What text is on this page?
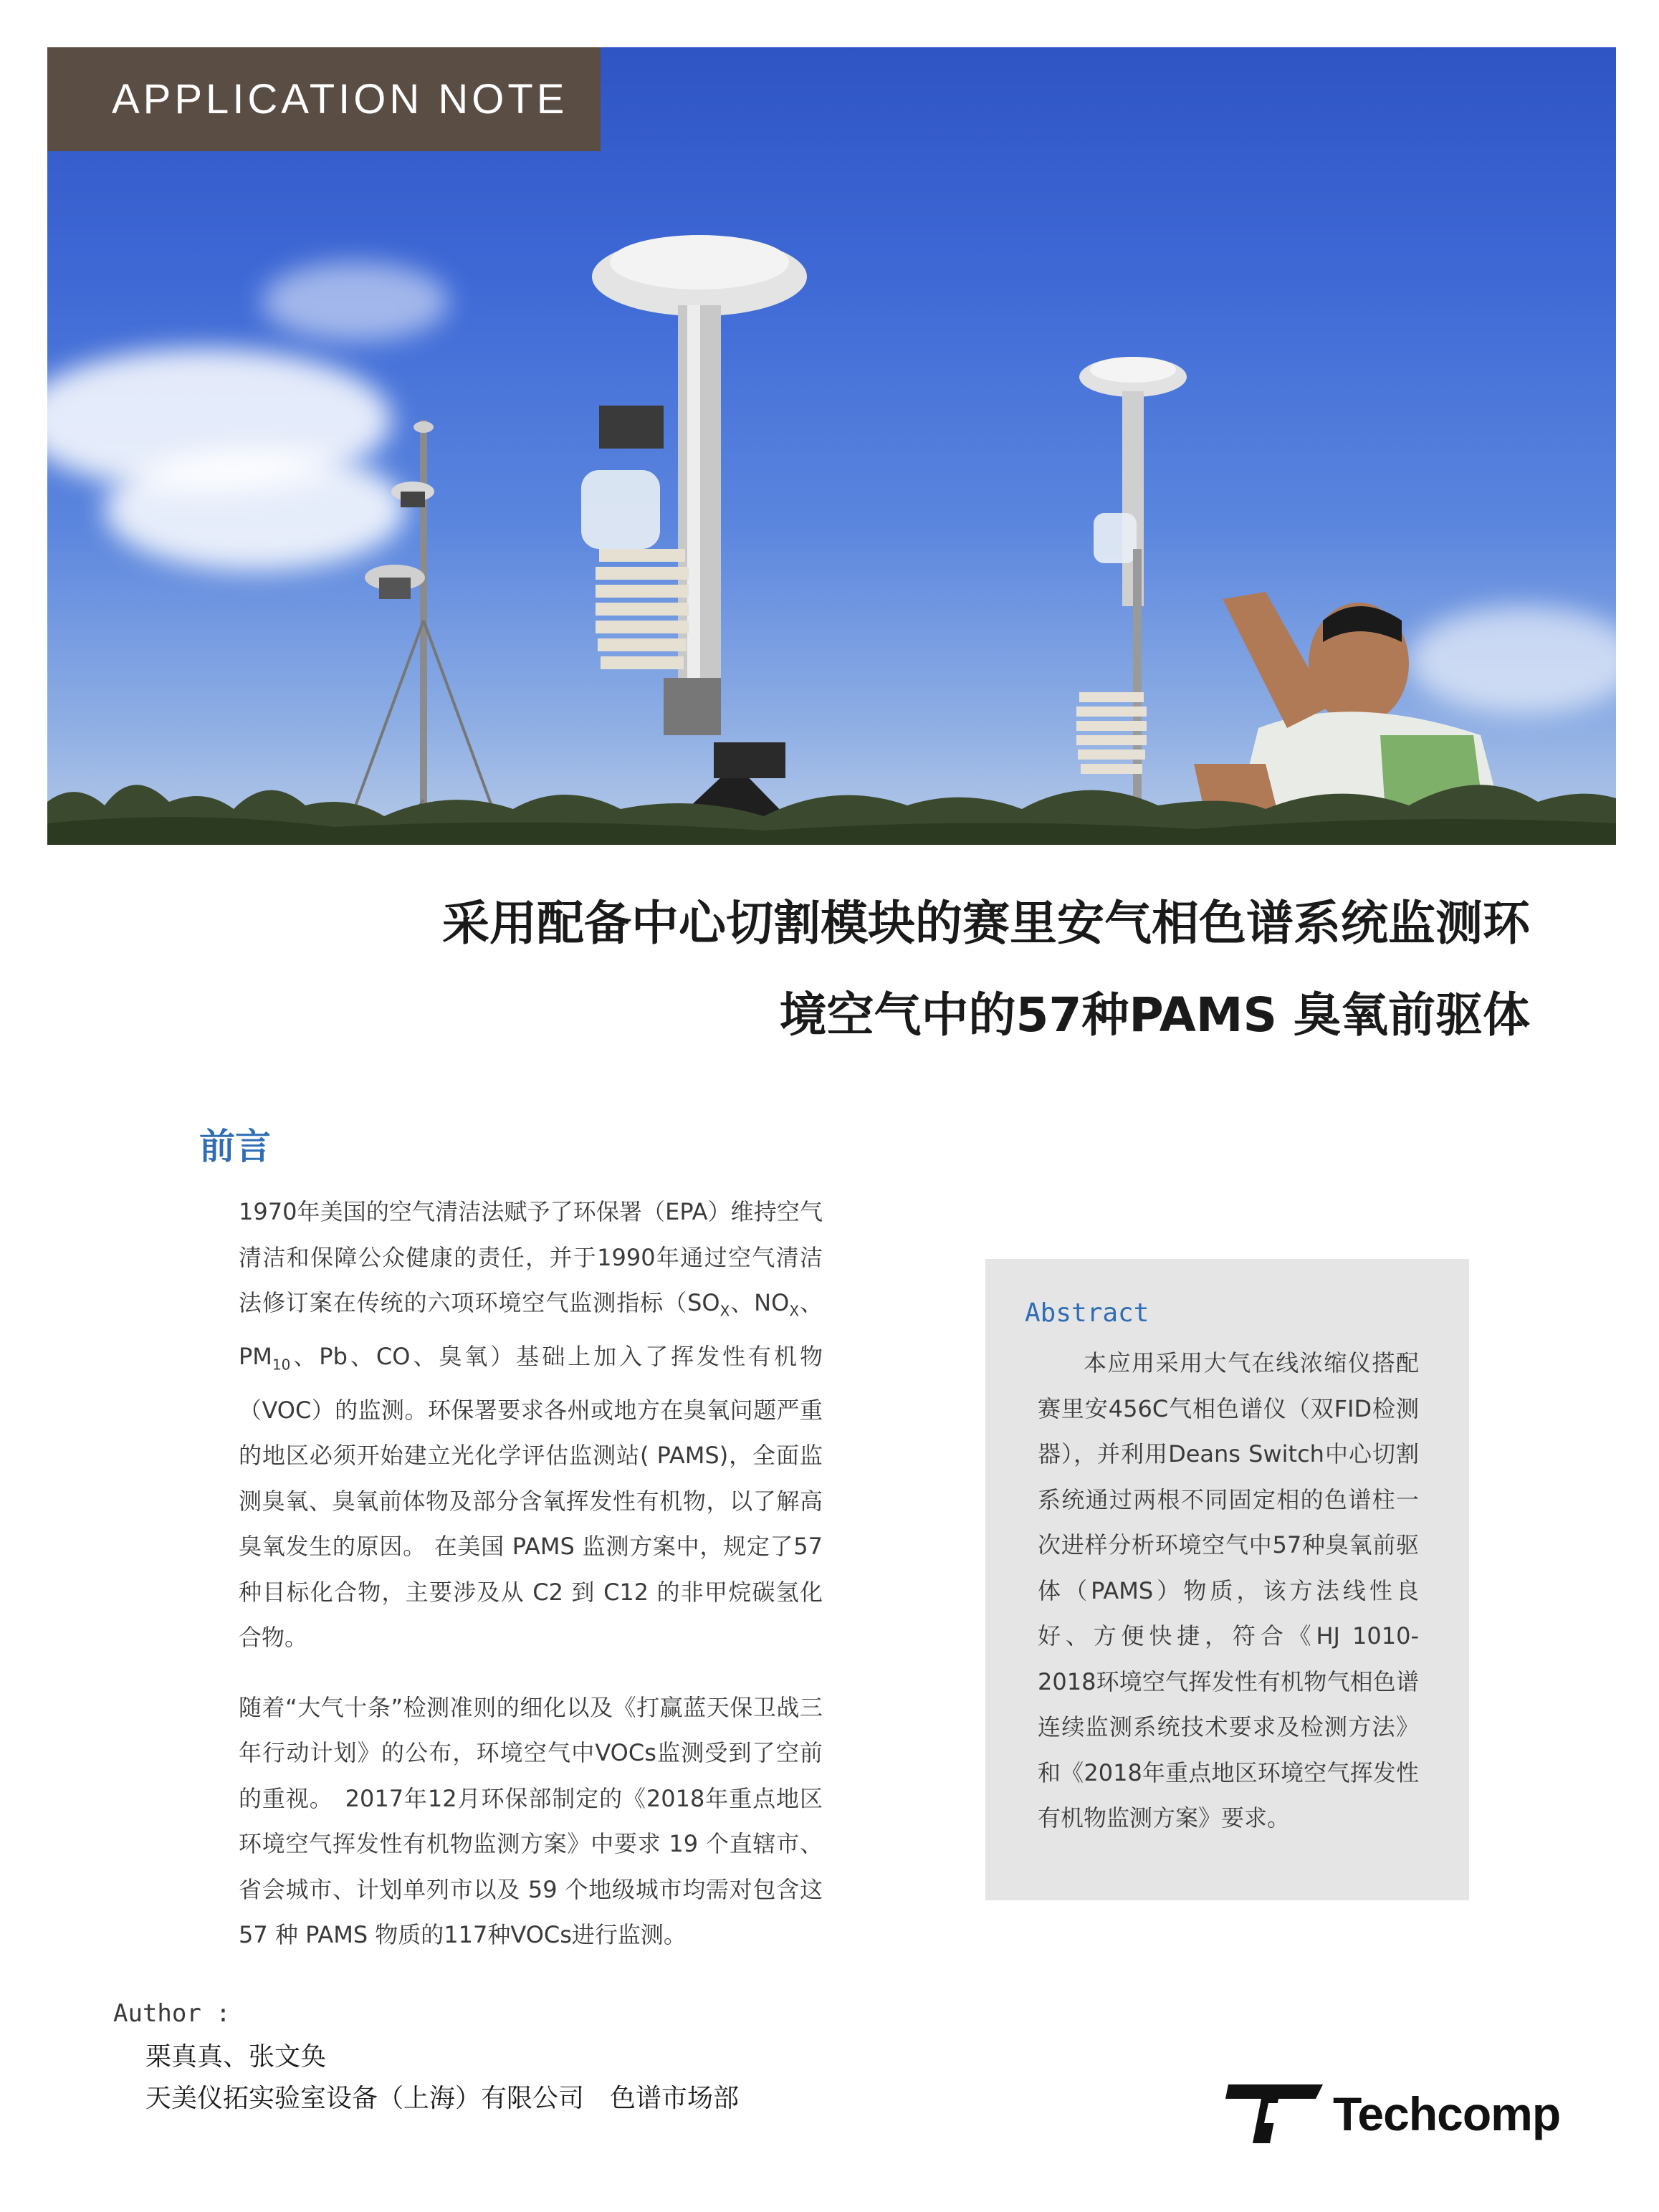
APPLICATION NOTE
采用配备中心切割模块的赛里安气相色谱系统监测环
境空气中的57种PAMS 臭氧前驱体
前言

1970年美国的空气清洁法赋予了环保署（EPA）维持空气清洁和保障公众健康的责任，并于1990年通过空气清洁法修订案在传统的六项环境空气监测指标（$SO_X$、$NO_X$、$PM_{10}$、Pb、CO、臭氧）基础上加入了挥发性有机物（VOC）的监测。环保署要求各州或地方在臭氧问题严重的地区必须开始建立光化学评估监测站( PAMS)，全面监测臭氧、臭氧前体物及部分含氧挥发性有机物，以了解高臭氧发生的原因。 在美国 PAMS 监测方案中，规定了57种目标化合物，主要涉及从 C2 到 C12 的非甲烷碳氢化合物。

随着“大气十条”检测准则的细化以及《打赢蓝天保卫战三年行动计划》的公布，环境空气中VOCs监测受到了空前的重视。　2017年12月环保部制定的《2018年重点地区环境空气挥发性有机物监测方案》中要求 19 个直辖市、省会城市、计划单列市以及 59 个地级城市均需对包含这 57 种 PAMS 物质的117种VOCs进行监测。

Abstract
本应用采用大气在线浓缩仪搭配赛里安456C气相色谱仪（双FID检测器），并利用Deans Switch中心切割系统通过两根不同固定相的色谱柱一次进样分析环境空气中57种臭氧前驱体（PAMS）物质，该方法线性良好、方便快捷，符合《HJ 1010-2018环境空气挥发性有机物气相色谱连续监测系统技术要求及检测方法》和《2018年重点地区环境空气挥发性有机物监测方案》要求。
Author :
栗真真、张文奂
天美仪拓实验室设备（上海）有限公司　色谱市场部	Techcomp
